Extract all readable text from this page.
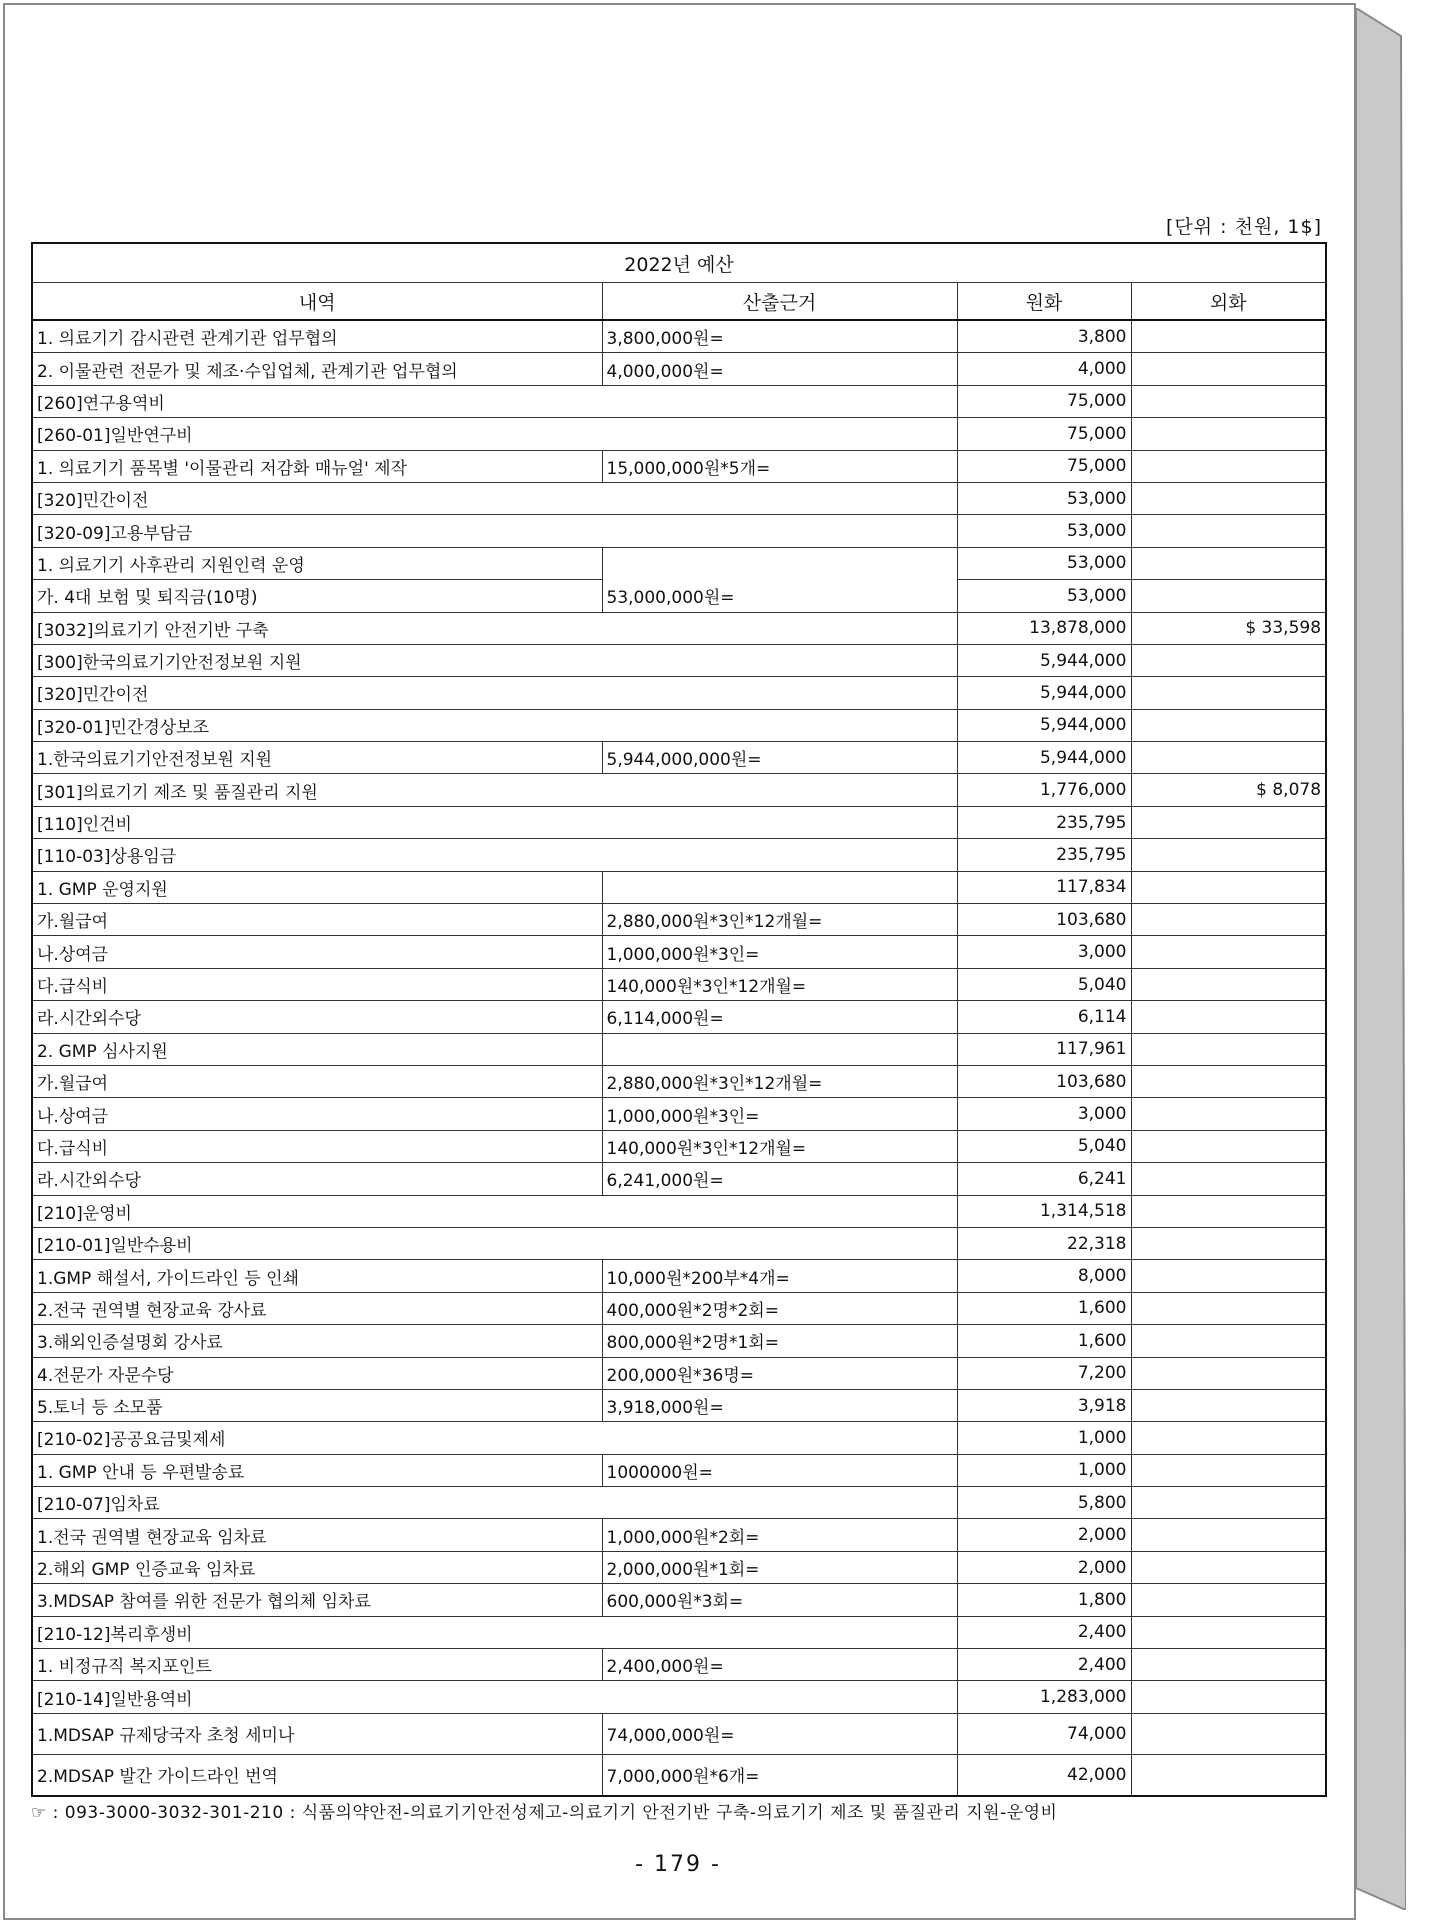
[단위 : 천원, 1$]
2022년 예산			
내역	산출근거	원화	외화
1. 의료기기 감시관련 관계기관 업무협의	3,800,000원=	3,800	
2. 이물관련 전문가 및 제조·수입업체, 관계기관 업무협의	4,000,000원=	4,000	
[260]연구용역비		75,000	
[260-01]일반연구비		75,000	
1. 의료기기 품목별 '이물관리 저감화 매뉴얼' 제작	15,000,000원*5개=	75,000	
[320]민간이전		53,000	
[320-09]고용부담금		53,000	
1. 의료기기 사후관리 지원인력 운영		53,000	
가. 4대 보험 및 퇴직금(10명)	53,000,000원=	53,000	
[3032]의료기기 안전기반 구축		13,878,000	$ 33,598
[300]한국의료기기안전정보원 지원		5,944,000	
[320]민간이전		5,944,000	
[320-01]민간경상보조		5,944,000	
1.한국의료기기안전정보원 지원	5,944,000,000원=	5,944,000	
[301]의료기기 제조 및 품질관리 지원		1,776,000	$ 8,078
[110]인건비		235,795	
[110-03]상용임금		235,795	
1. GMP 운영지원		117,834	
가.월급여	2,880,000원*3인*12개월=	103,680	
나.상여금	1,000,000원*3인=	3,000	
다.급식비	140,000원*3인*12개월=	5,040	
라.시간외수당	6,114,000원=	6,114	
2. GMP 심사지원		117,961	
가.월급여	2,880,000원*3인*12개월=	103,680	
나.상여금	1,000,000원*3인=	3,000	
다.급식비	140,000원*3인*12개월=	5,040	
라.시간외수당	6,241,000원=	6,241	
[210]운영비		1,314,518	
[210-01]일반수용비		22,318	
1.GMP 해설서, 가이드라인 등 인쇄	10,000원*200부*4개=	8,000	
2.전국 권역별 현장교육 강사료	400,000원*2명*2회=	1,600	
3.해외인증설명회 강사료	800,000원*2명*1회=	1,600	
4.전문가 자문수당	200,000원*36명=	7,200	
5.토너 등 소모품	3,918,000원=	3,918	
[210-02]공공요금및제세		1,000	
1. GMP 안내 등 우편발송료	1000000원=	1,000	
[210-07]임차료		5,800	
1.전국 권역별 현장교육 임차료	1,000,000원*2회=	2,000	
2.해외 GMP 인증교육 임차료	2,000,000원*1회=	2,000	
3.MDSAP 참여를 위한 전문가 협의체 임차료	600,000원*3회=	1,800	
[210-12]복리후생비		2,400	
1. 비정규직 복지포인트	2,400,000원=	2,400	
[210-14]일반용역비		1,283,000	
1.MDSAP 규제당국자 초청 세미나	74,000,000원=	74,000	
2.MDSAP 발간 가이드라인 번역	7,000,000원*6개=	42,000	
☞ : 093-3000-3032-301-210 : 식품의약안전-의료기기안전성제고-의료기기 안전기반 구축-의료기기 제조 및 품질관리 지원-운영비
- 179 -
